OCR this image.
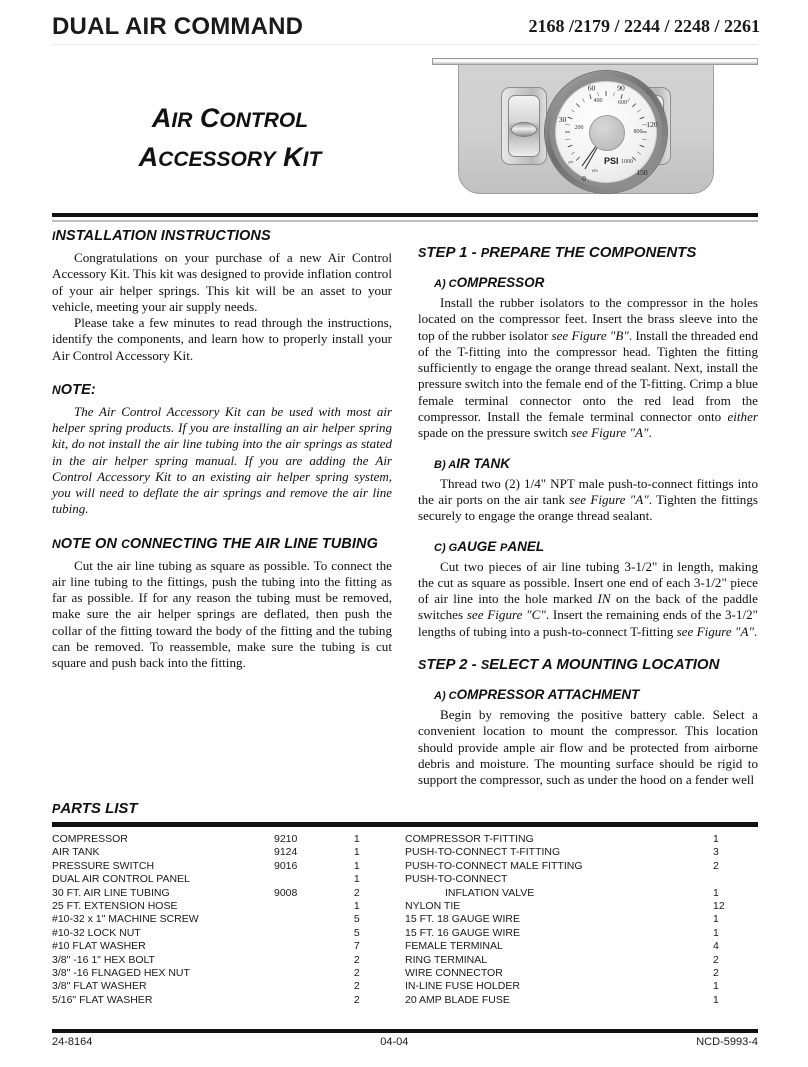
DUAL AIR COMMAND	2168 /2179 / 2244 / 2248 / 2261
AIR CONTROL
ACCESSORY KIT
60	90
30
120
150
0
400	600
200
800
1000
psi
kPa
PSI
INSTALLATION INSTRUCTIONS

Congratulations on your purchase of a new Air Control Accessory Kit. This kit was designed to provide inflation control of your air helper springs. This kit will be an asset to your vehicle, meeting your air supply needs.

Please take a few minutes to read through the instructions, identify the components, and learn how to properly install your Air Control Accessory Kit.

NOTE:

The Air Control Accessory Kit can be used with most air helper spring products. If you are installing an air helper spring kit, do not install the air line tubing into the air springs as stated in the air helper spring manual. If you are adding the Air Control Accessory Kit to an existing air helper spring system, you will need to deflate the air springs and remove the air line tubing.

NOTE ON CONNECTING THE AIR LINE TUBING

Cut the air line tubing as square as possible. To connect the air line tubing to the fittings, push the tubing into the fitting as far as possible. If for any reason the tubing must be removed, make sure the air helper springs are deflated, then push the collar of the fitting toward the body of the fitting and the tubing can be removed. To reassemble, make sure the tubing is cut square and push back into the fitting.

STEP 1 - PREPARE THE COMPONENTS
A) COMPRESSOR

Install the rubber isolators to the compressor in the holes located on the compressor feet. Insert the brass sleeve into the top of the rubber isolator see Figure "B". Install the threaded end of the T-fitting into the compressor head. Tighten the fitting sufficiently to engage the orange thread sealant. Next, install the pressure switch into the female end of the T-fitting. Crimp a blue female terminal connector onto the red lead from the compressor. Install the female terminal connector onto either spade on the pressure switch see Figure "A".

B) AIR TANK

Thread two (2) 1/4" NPT male push-to-connect fittings into the air ports on the air tank see Figure "A". Tighten the fittings securely to engage the orange thread sealant.

C) GAUGE PANEL

Cut two pieces of air line tubing 3-1/2" in length, making the cut as square as possible. Insert one end of each 3-1/2" piece of air line into the hole marked IN on the back of the paddle switches see Figure "C". Insert the remaining ends of the 3-1/2" lengths of tubing into a push-to-connect T-fitting see Figure "A".

STEP 2 - SELECT A MOUNTING LOCATION
A) COMPRESSOR ATTACHMENT

Begin by removing the positive battery cable. Select a convenient location to mount the compressor. This location should provide ample air flow and be protected from airborne debris and moisture. The mounting surface should be rigid to support the compressor, such as under the hood on a fender well

PARTS LIST
COMPRESSOR	9210	1
AIR TANK	9124	1
PRESSURE SWITCH	9016	1
DUAL AIR CONTROL PANEL		1
30 FT. AIR LINE TUBING	9008	2
25 FT. EXTENSION HOSE		1
#10-32 x 1" MACHINE SCREW		5
#10-32 LOCK NUT		5
#10 FLAT WASHER		7
3/8" -16 1" HEX BOLT		2
3/8" -16 FLNAGED HEX NUT		2
3/8" FLAT WASHER		2
5/16" FLAT WASHER		2
COMPRESSOR T-FITTING		1
PUSH-TO-CONNECT T-FITTING		3
PUSH-TO-CONNECT MALE FITTING		2
PUSH-TO-CONNECT		
INFLATION VALVE		1
NYLON TIE		12
15 FT. 18 GAUGE WIRE		1
15 FT. 16 GAUGE WIRE		1
FEMALE TERMINAL		4
RING TERMINAL		2
WIRE CONNECTOR		2
IN-LINE FUSE HOLDER		1
20 AMP BLADE FUSE		1
24-8164	04-04	NCD-5993-4
